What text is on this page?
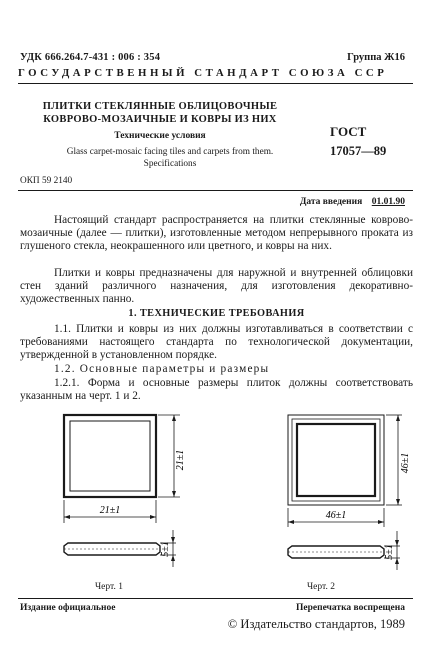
УДК 666.264.7-431 : 006 : 354	Группа Ж16
ГОСУДАРСТВЕННЫЙ СТАНДАРТ СОЮЗА ССР
ПЛИТКИ СТЕКЛЯННЫЕ ОБЛИЦОВОЧНЫЕ
КОВРОВО-МОЗАИЧНЫЕ И КОВРЫ ИЗ НИХ
Технические условия
Glass carpet-mosaic facing tiles and carpets from them.
Specifications
ГОСТ
17057—89
ОКП 59 2140
Дата введения 01.01.90
Настоящий стандарт распространяется на плитки стеклянные коврово-мозаичные (далее — плитки), изготовленные методом непрерывного проката из глушеного стекла, неокрашенного или цветного, и ковры на них.
Плитки и ковры предназначены для наружной и внутренней облицовки стен зданий различного назначения, для изготовления декоративно-художественных панно.
1. ТЕХНИЧЕСКИЕ ТРЕБОВАНИЯ
1.1. Плитки и ковры из них должны изготавливаться в соответствии с требованиями настоящего стандарта по технологической документации, утвержденной в установленном порядке.
1.2. Основные параметры и размеры
1.2.1. Форма и основные размеры плиток должны соответствовать указанным на черт. 1 и 2.
21±1
21±1
5±1
46±1
46±1
5±1
Черт. 1	Черт. 2
Издание официальное	Перепечатка воспрещена
© Издательство стандартов, 1989
